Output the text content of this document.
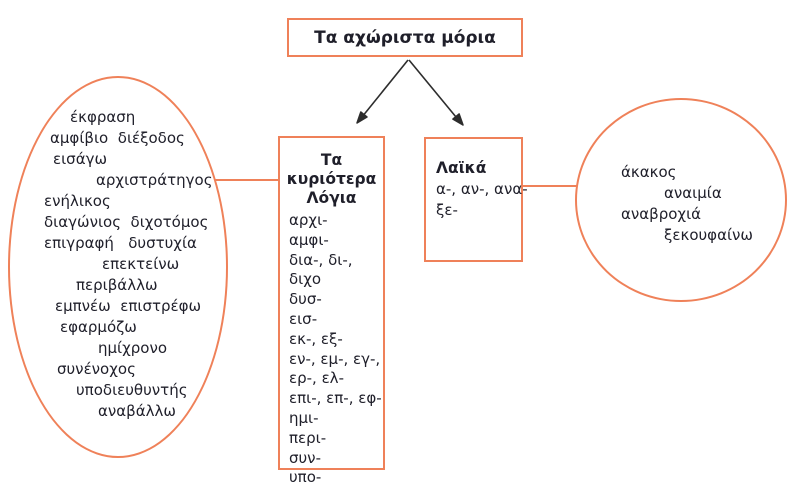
Τα αχώριστα μόρια
έκφραση
αμφίβιο  διέξοδος
εισάγω
αρχιστράτηγος
ενήλικος
διαγώνιος  διχοτόμος
επιγραφή   δυστυχία
επεκτείνω
περιβάλλω
εμπνέω  επιστρέφω
εφαρμόζω
ημίχρονο
συνένοχος
υποδιευθυντής
αναβάλλω
Τα κυριότερα
Λόγια
αρχι-
αμφι-
δια-, δι-,
διχο
δυσ-
εισ-
εκ-, εξ-
εν-, εμ-, εγ-,
ερ-, ελ-
επι-, επ-, εφ-
ημι-
περι-
συν-
υπο-
Λαϊκά
α-, αν-, ανα-
ξε-
άκακος
αναιμία
αναβροχιά
ξεκουφαίνω
